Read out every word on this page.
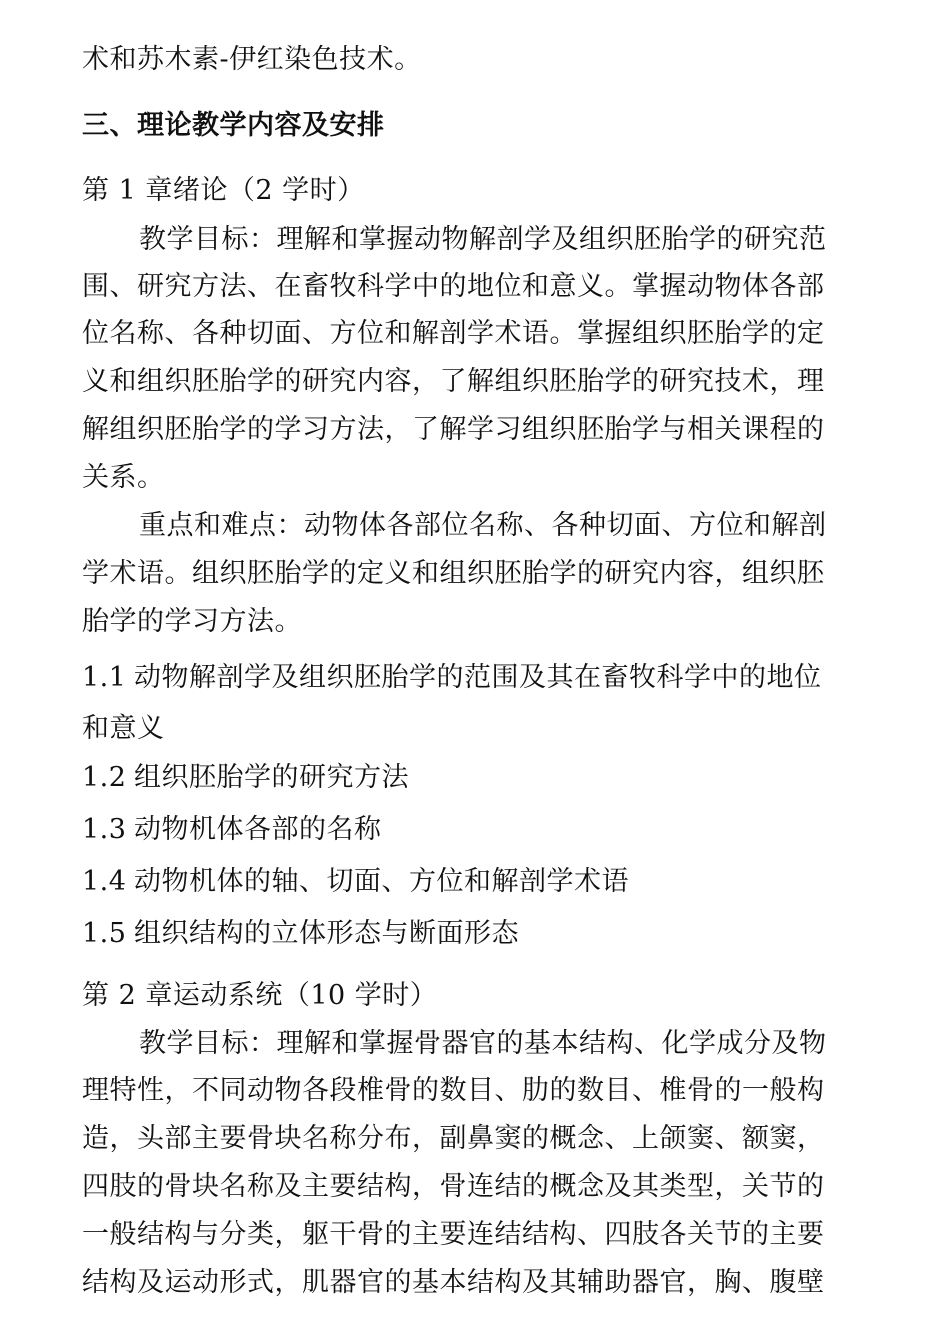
术和苏木素-伊红染色技术。
三、理论教学内容及安排
第 1 章绪论（2 学时）
教学目标：理解和掌握动物解剖学及组织胚胎学的研究范
围、研究方法、在畜牧科学中的地位和意义。掌握动物体各部
位名称、各种切面、方位和解剖学术语。掌握组织胚胎学的定
义和组织胚胎学的研究内容，了解组织胚胎学的研究技术，理
解组织胚胎学的学习方法，了解学习组织胚胎学与相关课程的
关系。
重点和难点：动物体各部位名称、各种切面、方位和解剖
学术语。组织胚胎学的定义和组织胚胎学的研究内容，组织胚
胎学的学习方法。
1.1 动物解剖学及组织胚胎学的范围及其在畜牧科学中的地位
和意义
1.2 组织胚胎学的研究方法
1.3 动物机体各部的名称
1.4 动物机体的轴、切面、方位和解剖学术语
1.5 组织结构的立体形态与断面形态
第 2 章运动系统（10 学时）
教学目标：理解和掌握骨器官的基本结构、化学成分及物
理特性，不同动物各段椎骨的数目、肋的数目、椎骨的一般构
造，头部主要骨块名称分布，副鼻窦的概念、上颌窦、额窦，
四肢的骨块名称及主要结构，骨连结的概念及其类型，关节的
一般结构与分类，躯干骨的主要连结结构、四肢各关节的主要
结构及运动形式，肌器官的基本结构及其辅助器官，胸、腹壁
